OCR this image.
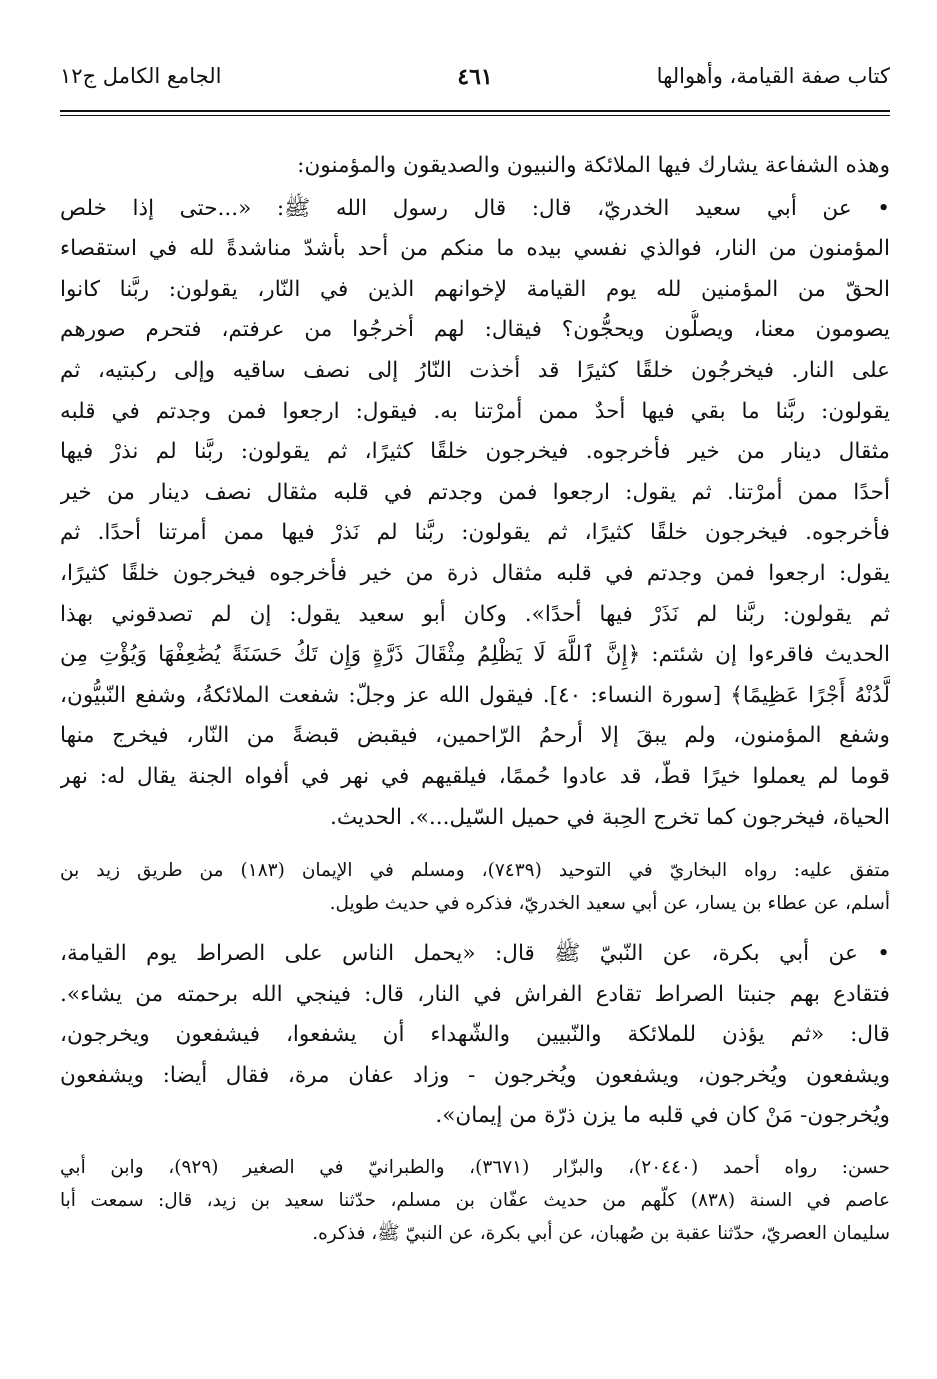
كتاب صفة القيامة، وأهوالها
٤٦١
الجامع الكامل ج١٢
وهذه الشفاعة يشارك فيها الملائكة والنبيون والصديقون والمؤمنون:
• عن أبي سعيد الخدريّ، قال: قال رسول الله ﷺ: «...حتى إذا خلص
المؤمنون من النار، فوالذي نفسي بيده ما منكم من أحد بأشدّ مناشدةً لله في استقصاء
الحقّ من المؤمنين لله يوم القيامة لإخوانهم الذين في النّار، يقولون: ربَّنا كانوا
يصومون معنا، ويصلُّون ويحجُّون؟ فيقال: لهم أخرجُوا من عرفتم، فتحرم صورهم
على النار. فيخرجُون خلقًا كثيرًا قد أخذت النّارُ إلى نصف ساقيه وإلى ركبتيه، ثم
يقولون: ربَّنا ما بقي فيها أحدٌ ممن أمرْتنا به. فيقول: ارجعوا فمن وجدتم في قلبه
مثقال دينار من خير فأخرجوه. فيخرجون خلقًا كثيرًا، ثم يقولون: ربَّنا لم نذرْ فيها
أحدًا ممن أمرْتنا. ثم يقول: ارجعوا فمن وجدتم في قلبه مثقال نصف دينار من خير
فأخرجوه. فيخرجون خلقًا كثيرًا، ثم يقولون: ربَّنا لم نَذرْ فيها ممن أمرتنا أحدًا. ثم
يقول: ارجعوا فمن وجدتم في قلبه مثقال ذرة من خير فأخرجوه فيخرجون خلقًا كثيرًا،
ثم يقولون: ربَّنا لم نَذَرْ فيها أحدًا». وكان أبو سعيد يقول: إن لم تصدقوني بهذا
الحديث فاقرءوا إن شئتم: ﴿إِنَّ ٱللَّهَ لَا يَظْلِمُ مِثْقَالَ ذَرَّةٍ وَإِن تَكُ حَسَنَةً يُضَٰعِفْهَا وَيُؤْتِ مِن
لَّدُنْهُ أَجْرًا عَظِيمًا﴾ [سورة النساء: ٤٠]. فيقول الله عز وجلّ: شفعت الملائكةُ، وشفع النّبيُّون،
وشفع المؤمنون، ولم يبقَ إلا أرحمُ الرّاحمين، فيقبض قبضةً من النّار، فيخرج منها
قوما لم يعملوا خيرًا قطّ، قد عادوا حُممًا، فيلقيهم في نهر في أفواه الجنة يقال له: نهر
الحياة، فيخرجون كما تخرج الحِبة في حميل السّيل...». الحديث.
متفق عليه: رواه البخاريّ في التوحيد (٧٤٣٩)، ومسلم في الإيمان (١٨٣) من طريق زيد بن
أسلم، عن عطاء بن يسار، عن أبي سعيد الخدريّ، فذكره في حديث طويل.
• عن أبي بكرة، عن النّبيّ ﷺ قال: «يحمل الناس على الصراط يوم القيامة،
فتقادع بهم جنبتا الصراط تقادع الفراش في النار، قال: فينجي الله برحمته من يشاء».
قال: «ثم يؤذن للملائكة والنّبيين والشّهداء أن يشفعوا، فيشفعون ويخرجون،
ويشفعون ويُخرجون، ويشفعون ويُخرجون - وزاد عفان مرة، فقال أيضا: ويشفعون
ويُخرجون- مَنْ كان في قلبه ما يزن ذرّة من إيمان».
حسن: رواه أحمد (٢٠٤٤٠)، والبزّار (٣٦٧١)، والطبرانيّ في الصغير (٩٢٩)، وابن أبي
عاصم في السنة (٨٣٨) كلّهم من حديث عفّان بن مسلم، حدّثنا سعيد بن زيد، قال: سمعت أبا
سليمان العصريّ، حدّثنا عقبة بن صُهبان، عن أبي بكرة، عن النبيّ ﷺ، فذكره.
